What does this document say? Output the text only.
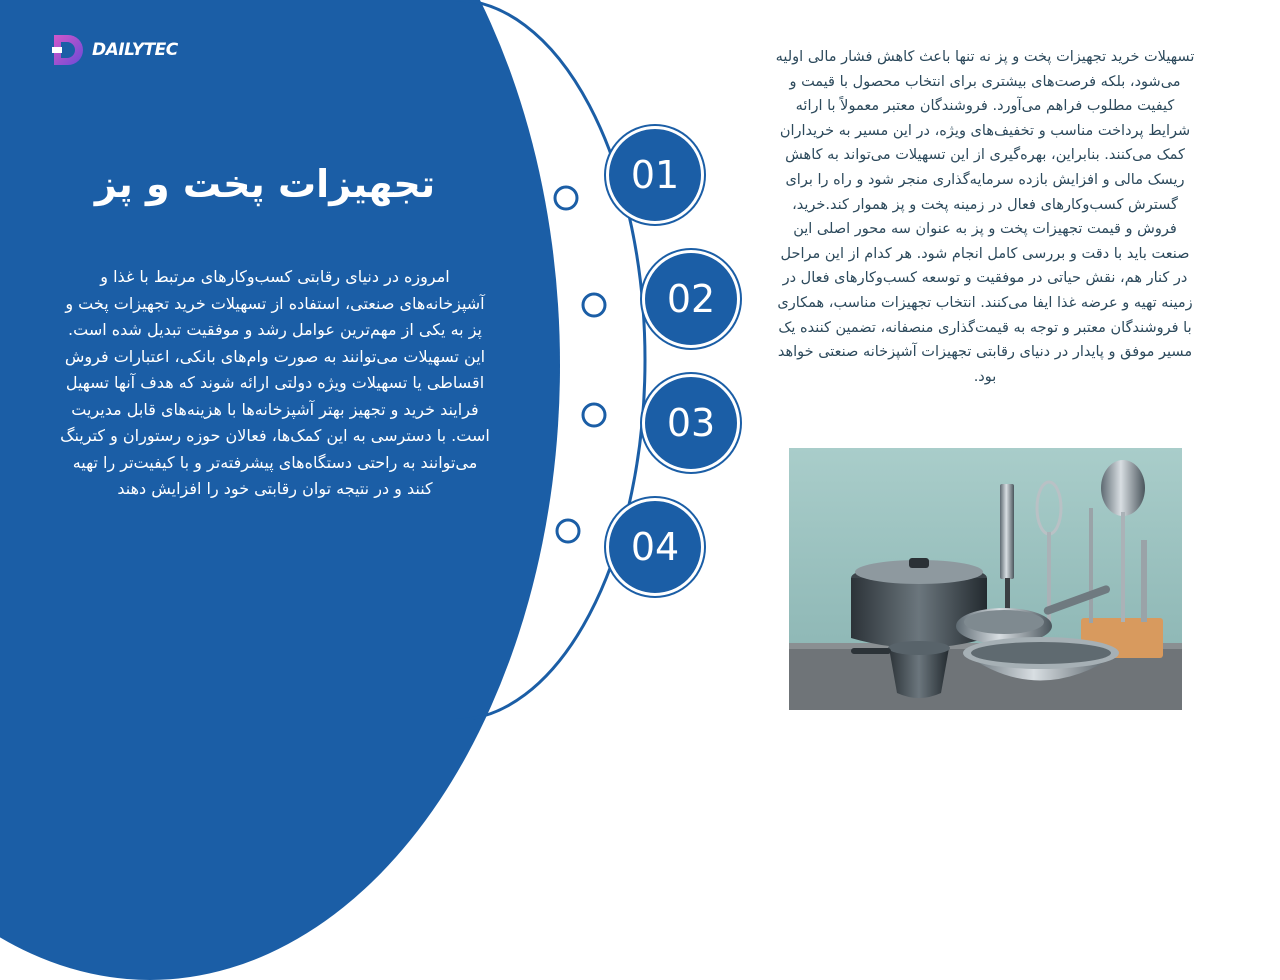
DAILYTEC
تجهیزات پخت و پز

امروزه در دنیای رقابتی کسب‌وکارهای مرتبط با غذا و آشپزخانه‌های صنعتی، استفاده از تسهیلات خرید تجهیزات پخت و پز به یکی از مهم‌ترین عوامل رشد و موفقیت تبدیل شده است. این تسهیلات می‌توانند به صورت وام‌های بانکی، اعتبارات فروش اقساطی یا تسهیلات ویژه دولتی ارائه شوند که هدف آنها تسهیل فرایند خرید و تجهیز بهتر آشپزخانه‌ها با هزینه‌های قابل مدیریت است. با دسترسی به این کمک‌ها، فعالان حوزه رستوران و کترینگ می‌توانند به راحتی دستگاه‌های پیشرفته‌تر و با کیفیت‌تر را تهیه کنند و در نتیجه توان رقابتی خود را افزایش دهند

01
02
03
04

تسهیلات خرید تجهیزات پخت و پز نه تنها باعث کاهش فشار مالی اولیه می‌شود، بلکه فرصت‌های بیشتری برای انتخاب محصول با قیمت و کیفیت مطلوب فراهم می‌آورد. فروشندگان معتبر معمولاً با ارائه شرایط پرداخت مناسب و تخفیف‌های ویژه، در این مسیر به خریداران کمک می‌کنند. بنابراین، بهره‌گیری از این تسهیلات می‌تواند به کاهش ریسک مالی و افزایش بازده سرمایه‌گذاری منجر شود و راه را برای گسترش کسب‌وکارهای فعال در زمینه پخت و پز هموار کند.خرید، فروش و قیمت تجهیزات پخت و پز به عنوان سه محور اصلی این صنعت باید با دقت و بررسی کامل انجام شود. هر کدام از این مراحل در کنار هم، نقش حیاتی در موفقیت و توسعه کسب‌وکارهای فعال در زمینه تهیه و عرضه غذا ایفا می‌کنند. انتخاب تجهیزات مناسب، همکاری با فروشندگان معتبر و توجه به قیمت‌گذاری منصفانه، تضمین کننده یک مسیر موفق و پایدار در دنیای رقابتی تجهیزات آشپزخانه صنعتی خواهد بود.
